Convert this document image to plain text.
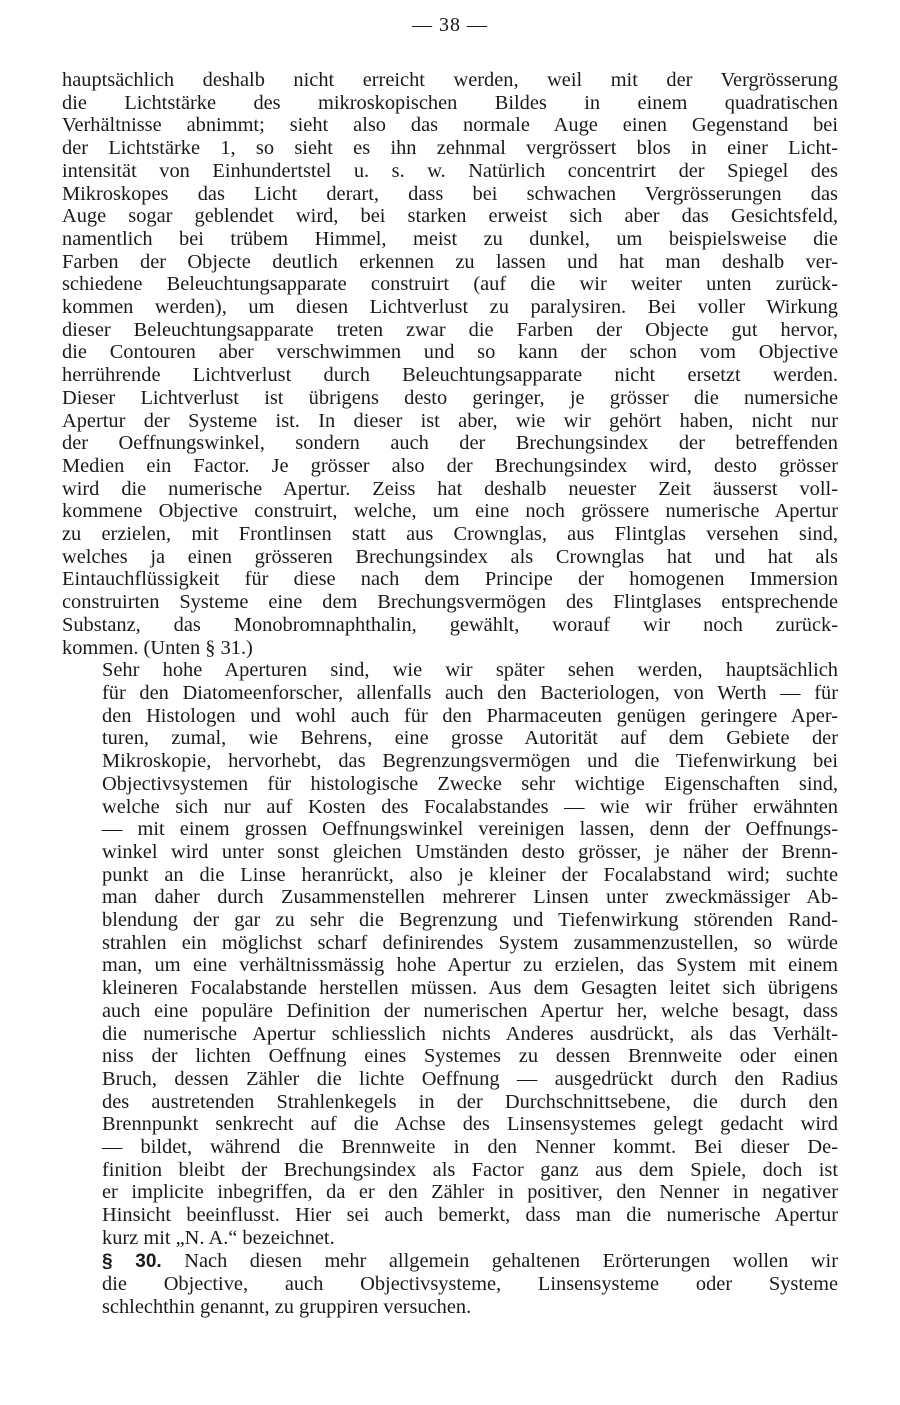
— 38 —

hauptsächlich deshalb nicht erreicht werden, weil mit der Vergrösserung
die Lichtstärke des mikroskopischen Bildes in einem quadratischen
Verhältnisse abnimmt; sieht also das normale Auge einen Gegenstand bei
der Lichtstärke 1, so sieht es ihn zehnmal vergrössert blos in einer Licht-
intensität von Einhundertstel u. s. w. Natürlich concentrirt der Spiegel des
Mikroskopes das Licht derart, dass bei schwachen Vergrösserungen das
Auge sogar geblendet wird, bei starken erweist sich aber das Gesichtsfeld,
namentlich bei trübem Himmel, meist zu dunkel, um beispielsweise die
Farben der Objecte deutlich erkennen zu lassen und hat man deshalb ver-
schiedene Beleuchtungsapparate construirt (auf die wir weiter unten zurück-
kommen werden), um diesen Lichtverlust zu paralysiren. Bei voller Wirkung
dieser Beleuchtungsapparate treten zwar die Farben der Objecte gut hervor,
die Contouren aber verschwimmen und so kann der schon vom Objective
herrührende Lichtverlust durch Beleuchtungsapparate nicht ersetzt werden.
Dieser Lichtverlust ist übrigens desto geringer, je grösser die numersiche
Apertur der Systeme ist. In dieser ist aber, wie wir gehört haben, nicht nur
der Oeffnungswinkel, sondern auch der Brechungsindex der betreffenden
Medien ein Factor. Je grösser also der Brechungsindex wird, desto grösser
wird die numerische Apertur. Zeiss hat deshalb neuester Zeit äusserst voll-
kommene Objective construirt, welche, um eine noch grössere numerische Apertur
zu erzielen, mit Frontlinsen statt aus Crownglas, aus Flintglas versehen sind,
welches ja einen grösseren Brechungsindex als Crownglas hat und hat als
Eintauchflüssigkeit für diese nach dem Principe der homogenen Immersion
construirten Systeme eine dem Brechungsvermögen des Flintglases entsprechende
Substanz, das Monobromnaphthalin, gewählt, worauf wir noch zurück-
kommen. (Unten § 31.)

Sehr hohe Aperturen sind, wie wir später sehen werden, hauptsächlich
für den Diatomeenforscher, allenfalls auch den Bacteriologen, von Werth — für
den Histologen und wohl auch für den Pharmaceuten genügen geringere Aper-
turen, zumal, wie Behrens, eine grosse Autorität auf dem Gebiete der
Mikroskopie, hervorhebt, das Begrenzungsvermögen und die Tiefenwirkung bei
Objectivsystemen für histologische Zwecke sehr wichtige Eigenschaften sind,
welche sich nur auf Kosten des Focalabstandes — wie wir früher erwähnten
— mit einem grossen Oeffnungswinkel vereinigen lassen, denn der Oeffnungs-
winkel wird unter sonst gleichen Umständen desto grösser, je näher der Brenn-
punkt an die Linse heranrückt, also je kleiner der Focalabstand wird; suchte
man daher durch Zusammenstellen mehrerer Linsen unter zweckmässiger Ab-
blendung der gar zu sehr die Begrenzung und Tiefenwirkung störenden Rand-
strahlen ein möglichst scharf definirendes System zusammenzustellen, so würde
man, um eine verhältnissmässig hohe Apertur zu erzielen, das System mit einem
kleineren Focalabstande herstellen müssen. Aus dem Gesagten leitet sich übrigens
auch eine populäre Definition der numerischen Apertur her, welche besagt, dass
die numerische Apertur schliesslich nichts Anderes ausdrückt, als das Verhält-
niss der lichten Oeffnung eines Systemes zu dessen Brennweite oder einen
Bruch, dessen Zähler die lichte Oeffnung — ausgedrückt durch den Radius
des austretenden Strahlenkegels in der Durchschnittsebene, die durch den
Brennpunkt senkrecht auf die Achse des Linsensystemes gelegt gedacht wird
— bildet, während die Brennweite in den Nenner kommt. Bei dieser De-
finition bleibt der Brechungsindex als Factor ganz aus dem Spiele, doch ist
er implicite inbegriffen, da er den Zähler in positiver, den Nenner in negativer
Hinsicht beeinflusst. Hier sei auch bemerkt, dass man die numerische Apertur
kurz mit „N. A.“ bezeichnet.

§ 30. Nach diesen mehr allgemein gehaltenen Erörterungen wollen wir
die Objective, auch Objectivsysteme, Linsensysteme oder Systeme
schlechthin genannt, zu gruppiren versuchen.
